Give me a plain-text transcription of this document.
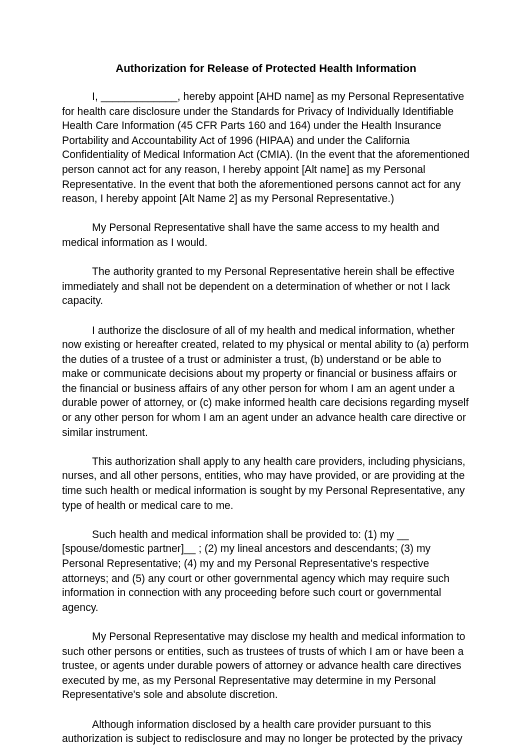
Authorization for Release of Protected Health Information

I, _____________, hereby appoint [AHD name] as my Personal Representative for health care disclosure under the Standards for Privacy of Individually Identifiable Health Care Information (45 CFR Parts 160 and 164) under the Health Insurance Portability and Accountability Act of 1996 (HIPAA) and under the California Confidentiality of Medical Information Act (CMIA). (In the event that the aforementioned person cannot act for any reason, I hereby appoint [Alt name] as my Personal Representative. In the event that both the aforementioned persons cannot act for any reason, I hereby appoint [Alt Name 2] as my Personal Representative.)

My Personal Representative shall have the same access to my health and medical information as I would.

The authority granted to my Personal Representative herein shall be effective immediately and shall not be dependent on a determination of whether or not I lack capacity.

I authorize the disclosure of all of my health and medical information, whether now existing or hereafter created, related to my physical or mental ability to (a) perform the duties of a trustee of a trust or administer a trust, (b) understand or be able to make or communicate decisions about my property or financial or business affairs or the financial or business affairs of any other person for whom I am an agent under a durable power of attorney, or (c) make informed health care decisions regarding myself or any other person for whom I am an agent under an advance health care directive or similar instrument.

This authorization shall apply to any health care providers, including physicians, nurses, and all other persons, entities, who may have provided, or are providing at the time such health or medical information is sought by my Personal Representative, any type of health or medical care to me.

Such health and medical information shall be provided to: (1) my __ [spouse/domestic partner]__ ; (2) my lineal ancestors and descendants; (3) my Personal Representative; (4) my and my Personal Representative's respective attorneys; and (5) any court or other governmental agency which may require such information in connection with any proceeding before such court or governmental agency.

My Personal Representative may disclose my health and medical information to such other persons or entities, such as trustees of trusts of which I am or have been a trustee, or agents under durable powers of attorney or advance health care directives executed by me, as my Personal Representative may determine in my Personal Representative's sole and absolute discretion.

Although information disclosed by a health care provider pursuant to this authorization is subject to redisclosure and may no longer be protected by the privacy
